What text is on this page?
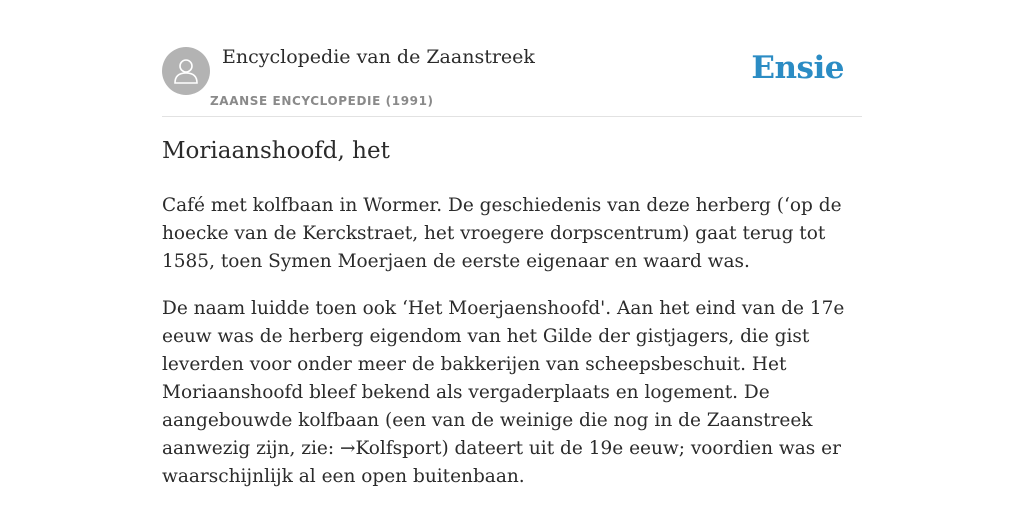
Encyclopedie van de Zaanstreek
ZAANSE ENCYCLOPEDIE (1991)
Ensie
Moriaanshoofd, het

Café met kolfbaan in Wormer. De geschiedenis van deze herberg (‘op de hoecke van de Kerckstraet, het vroegere dorpscentrum) gaat terug tot 1585, toen Symen Moerjaen de eerste eigenaar en waard was.

De naam luidde toen ook ‘Het Moerjaenshoofd'. Aan het eind van de 17e eeuw was de herberg eigendom van het Gilde der gistjagers, die gist leverden voor onder meer de bakkerijen van scheepsbeschuit. Het Moriaanshoofd bleef bekend als vergaderplaats en logement. De aangebouwde kolfbaan (een van de weinige die nog in de Zaanstreek aanwezig zijn, zie: →Kolfsport) dateert uit de 19e eeuw; voordien was er waarschijnlijk al een open buitenbaan.
